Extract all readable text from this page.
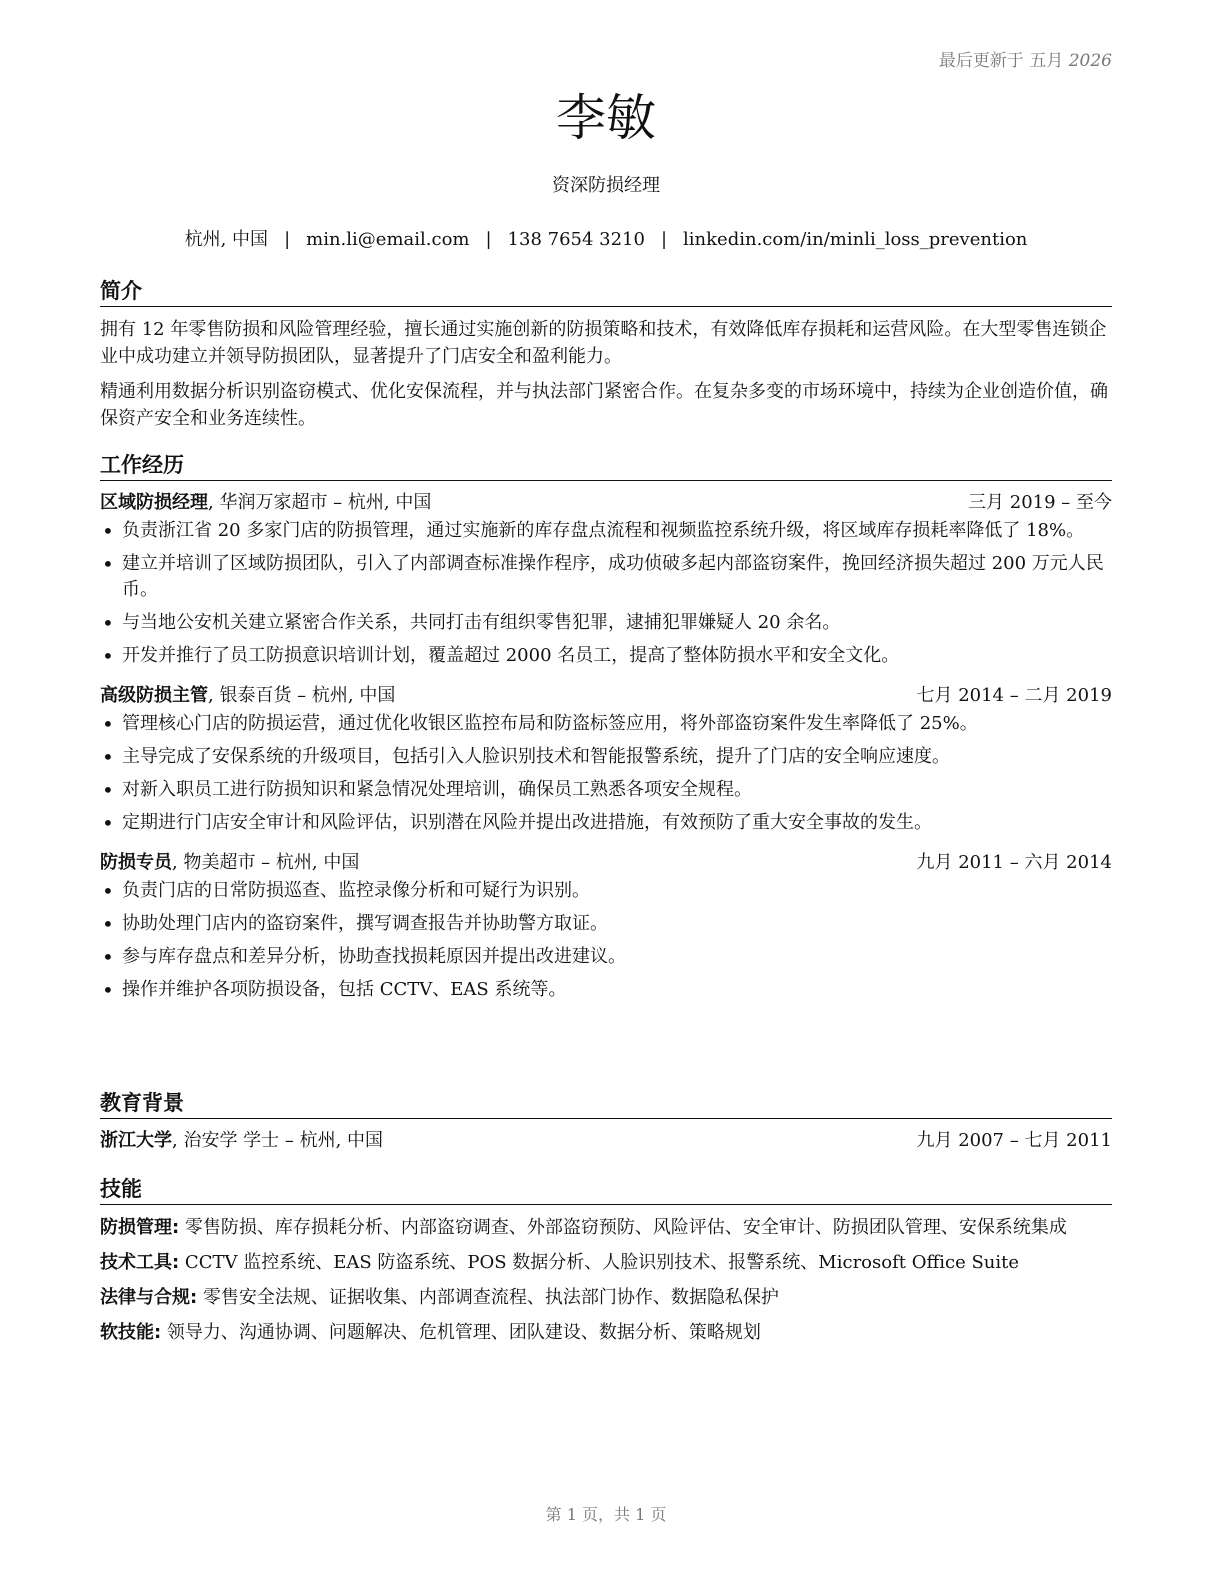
最后更新于 五月 2026
李敏
资深防损经理
杭州, 中国 | min.li@email.com | 138 7654 3210 | linkedin.com/in/minli_loss_prevention
简介

拥有 12 年零售防损和风险管理经验，擅长通过实施创新的防损策略和技术，有效降低库存损耗和运营风险。在大型零售连锁企业中成功建立并领导防损团队，显著提升了门店安全和盈利能力。

精通利用数据分析识别盗窃模式、优化安保流程，并与执法部门紧密合作。在复杂多变的市场环境中，持续为企业创造价值，确保资产安全和业务连续性。

工作经历
区域防损经理, 华润万家超市 – 杭州, 中国	三月 2019 – 至今
• 负责浙江省 20 多家门店的防损管理，通过实施新的库存盘点流程和视频监控系统升级，将区域库存损耗率降低了 18%。
• 建立并培训了区域防损团队，引入了内部调查标准操作程序，成功侦破多起内部盗窃案件，挽回经济损失超过 200 万元人民币。
• 与当地公安机关建立紧密合作关系，共同打击有组织零售犯罪，逮捕犯罪嫌疑人 20 余名。
• 开发并推行了员工防损意识培训计划，覆盖超过 2000 名员工，提高了整体防损水平和安全文化。
高级防损主管, 银泰百货 – 杭州, 中国	七月 2014 – 二月 2019
• 管理核心门店的防损运营，通过优化收银区监控布局和防盗标签应用，将外部盗窃案件发生率降低了 25%。
• 主导完成了安保系统的升级项目，包括引入人脸识别技术和智能报警系统，提升了门店的安全响应速度。
• 对新入职员工进行防损知识和紧急情况处理培训，确保员工熟悉各项安全规程。
• 定期进行门店安全审计和风险评估，识别潜在风险并提出改进措施，有效预防了重大安全事故的发生。
防损专员, 物美超市 – 杭州, 中国	九月 2011 – 六月 2014
• 负责门店的日常防损巡查、监控录像分析和可疑行为识别。
• 协助处理门店内的盗窃案件，撰写调查报告并协助警方取证。
• 参与库存盘点和差异分析，协助查找损耗原因并提出改进建议。
• 操作并维护各项防损设备，包括 CCTV、EAS 系统等。
教育背景
浙江大学, 治安学 学士 – 杭州, 中国	九月 2007 – 七月 2011
技能
防损管理: 零售防损、库存损耗分析、内部盗窃调查、外部盗窃预防、风险评估、安全审计、防损团队管理、安保系统集成
技术工具: CCTV 监控系统、EAS 防盗系统、POS 数据分析、人脸识别技术、报警系统、Microsoft Office Suite
法律与合规: 零售安全法规、证据收集、内部调查流程、执法部门协作、数据隐私保护
软技能: 领导力、沟通协调、问题解决、危机管理、团队建设、数据分析、策略规划
第 1 页，共 1 页
